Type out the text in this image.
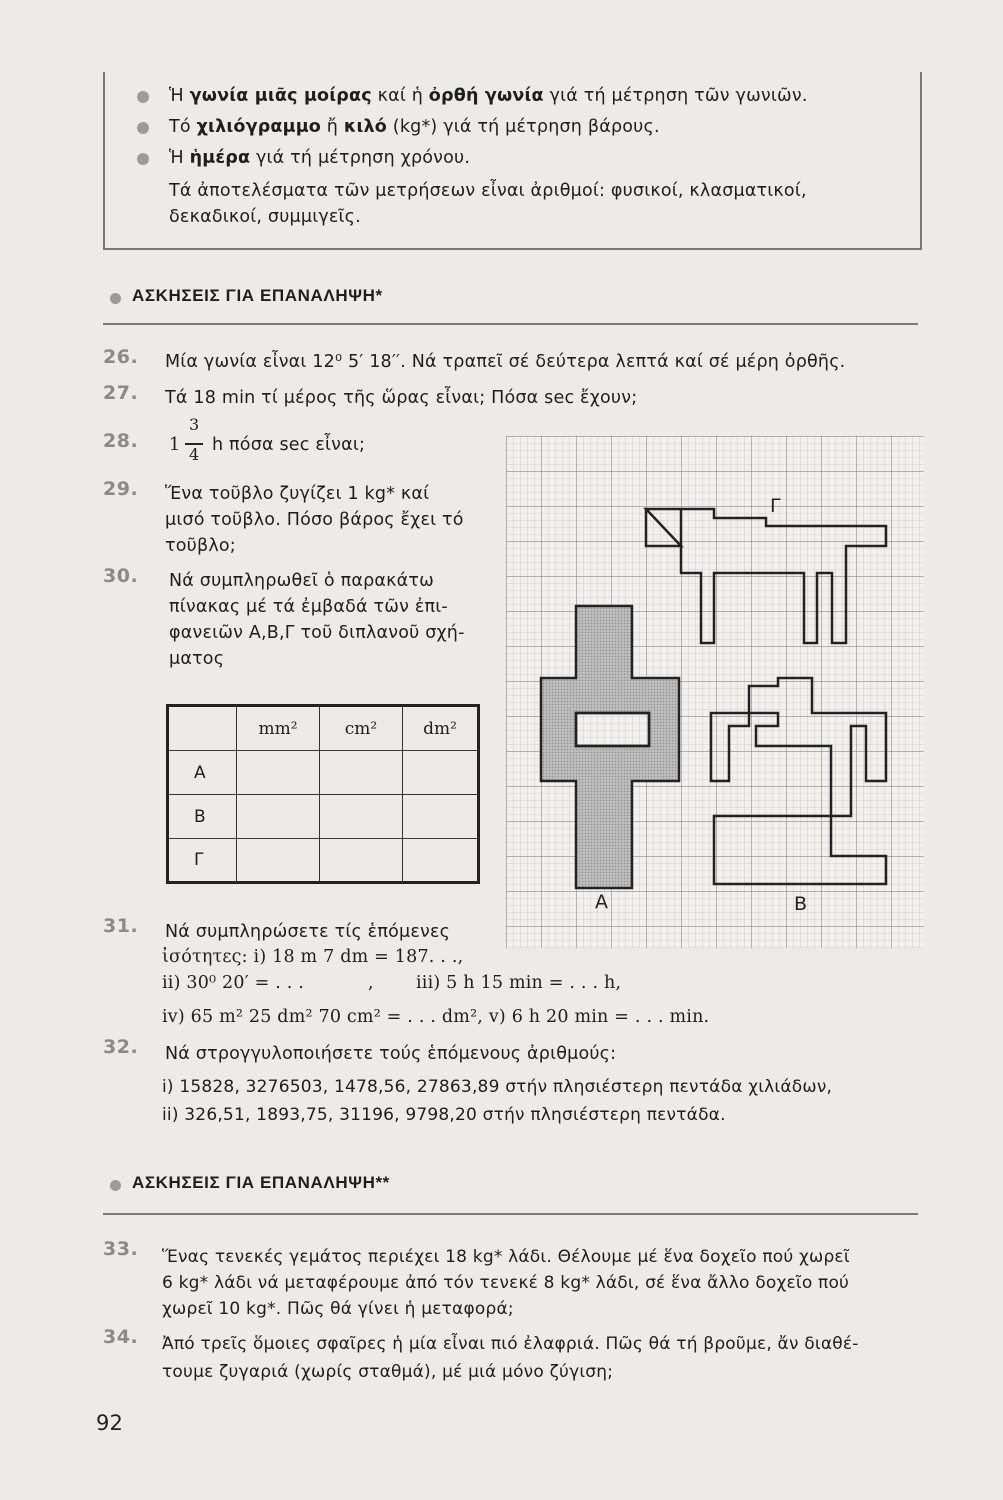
Ἡ γωνία μιᾶς μοίρας καί ἡ ὀρθή γωνία γιά τή μέτρηση τῶν γωνιῶν.
Τό χιλιόγραμμο ἤ κιλό (kg*) γιά τή μέτρηση βάρους.
Ἡ ἡμέρα γιά τή μέτρηση χρόνου.
Τά ἀποτελέσματα τῶν μετρήσεων εἶναι ἀριθμοί: φυσικοί, κλασματικοί,
δεκαδικοί, συμμιγεῖς.
ΑΣΚΗΣΕΙΣ ΓΙΑ ΕΠΑΝΑΛΗΨΗ*
26. Μία γωνία εἶναι 12⁰ 5′ 18′′. Νά τραπεῖ σέ δεύτερα λεπτά καί σέ μέρη ὀρθῆς.
27. Τά 18 min τί μέρος τῆς ὥρας εἶναι; Πόσα sec ἔχουν;
28. 1
3
4 h πόσα sec εἶναι;
29. Ἕνα τοῦβλο ζυγίζει 1 kg* καί
μισό τοῦβλο. Πόσο βάρος ἔχει τό
τοῦβλο;
30. Νά συμπληρωθεῖ ὁ παρακάτω
πίνακας μέ τά ἐμβαδά τῶν ἐπι-
φανειῶν Α,Β,Γ τοῦ διπλανοῦ σχή-
ματος
	mm²	cm²	dm²
Α			
Β			
Γ			
Γ
Α	Β
31. Νά συμπληρώσετε τίς ἑπόμενες
ἰσότητες: i) 18 m 7 dm = 187. . .,
ii) 30⁰ 20′ = . . .	, iii) 5 h 15 min = . . . h,
iv) 65 m² 25 dm² 70 cm² = . . . dm², v) 6 h 20 min = . . . min.
32. Νά στρογγυλοποιήσετε τούς ἑπόμενους ἀριθμούς:
i) 15828, 3276503, 1478,56, 27863,89 στήν πλησιέστερη πεντάδα χιλιάδων,
ii) 326,51, 1893,75, 31196, 9798,20 στήν πλησιέστερη πεντάδα.
ΑΣΚΗΣΕΙΣ ΓΙΑ ΕΠΑΝΑΛΗΨΗ**
33. Ἕνας τενεκές γεμάτος περιέχει 18 kg* λάδι. Θέλουμε μέ ἕνα δοχεῖο πού χωρεῖ
6 kg* λάδι νά μεταφέρουμε ἀπό τόν τενεκέ 8 kg* λάδι, σέ ἕνα ἄλλο δοχεῖο πού
χωρεῖ 10 kg*. Πῶς θά γίνει ἡ μεταφορά;
34. Ἀπό τρεῖς ὅμοιες σφαῖρες ἡ μία εἶναι πιό ἐλαφριά. Πῶς θά τή βροῦμε, ἄν διαθέ-
τουμε ζυγαριά (χωρίς σταθμά), μέ μιά μόνο ζύγιση;
92
